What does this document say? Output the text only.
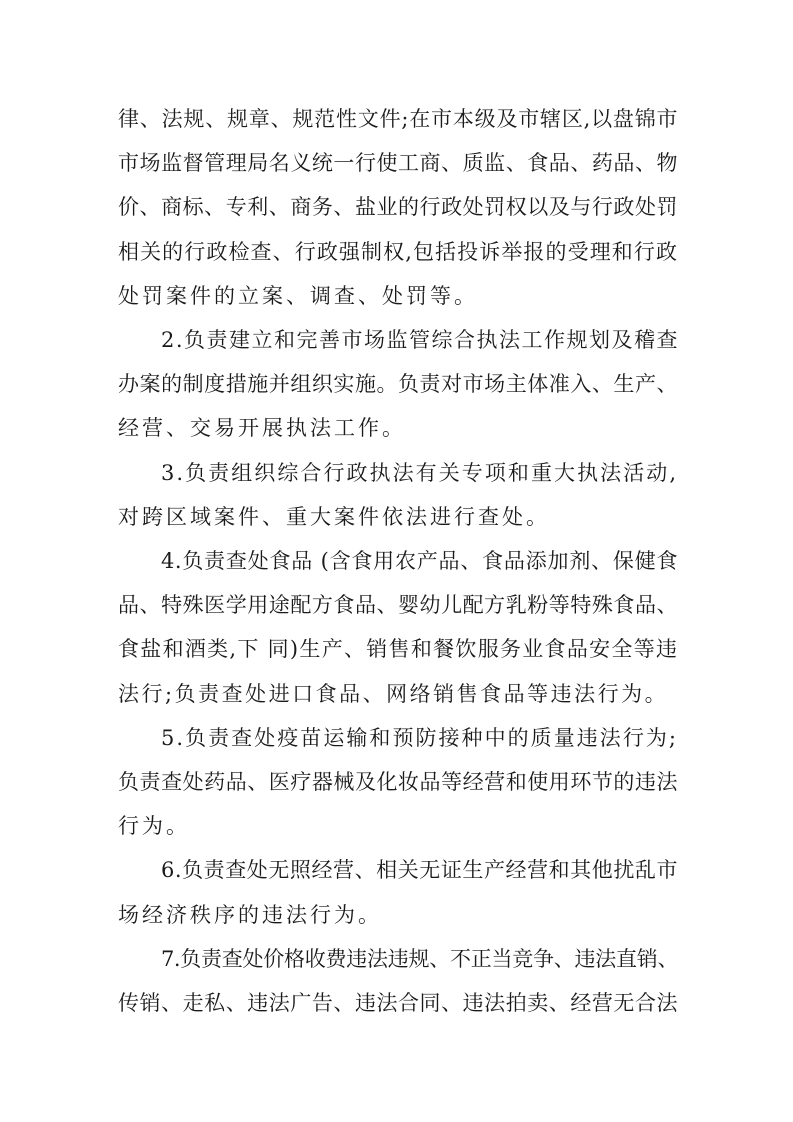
律、法规、规章、规范性文件;在市本级及市辖区,以盘锦市
市场监督管理局名义统一行使工商、质监、食品、药品、物
价、商标、专利、商务、盐业的行政处罚权以及与行政处罚
相关的行政检查、行政强制权,包括投诉举报的受理和行政
处罚案件的立案、调查、处罚等。
2.负责建立和完善市场监管综合执法工作规划及稽查
办案的制度措施并组织实施。负责对市场主体准入、生产、
经营、交易开展执法工作。
3.负责组织综合行政执法有关专项和重大执法活动,
对跨区域案件、重大案件依法进行查处。
4.负责查处食品 (含食用农产品、食品添加剂、保健食
品、特殊医学用途配方食品、婴幼儿配方乳粉等特殊食品、
食盐和酒类,下 同)生产、销售和餐饮服务业食品安全等违
法行;负责查处进口食品、网络销售食品等违法行为。
5.负责查处疫苗运输和预防接种中的质量违法行为;
负责查处药品、医疗器械及化妆品等经营和使用环节的违法
行为。
6.负责查处无照经营、相关无证生产经营和其他扰乱市
场经济秩序的违法行为。
7.负责查处价格收费违法违规、不正当竞争、违法直销、
传销、走私、违法广告、违法合同、违法拍卖、经营无合法
